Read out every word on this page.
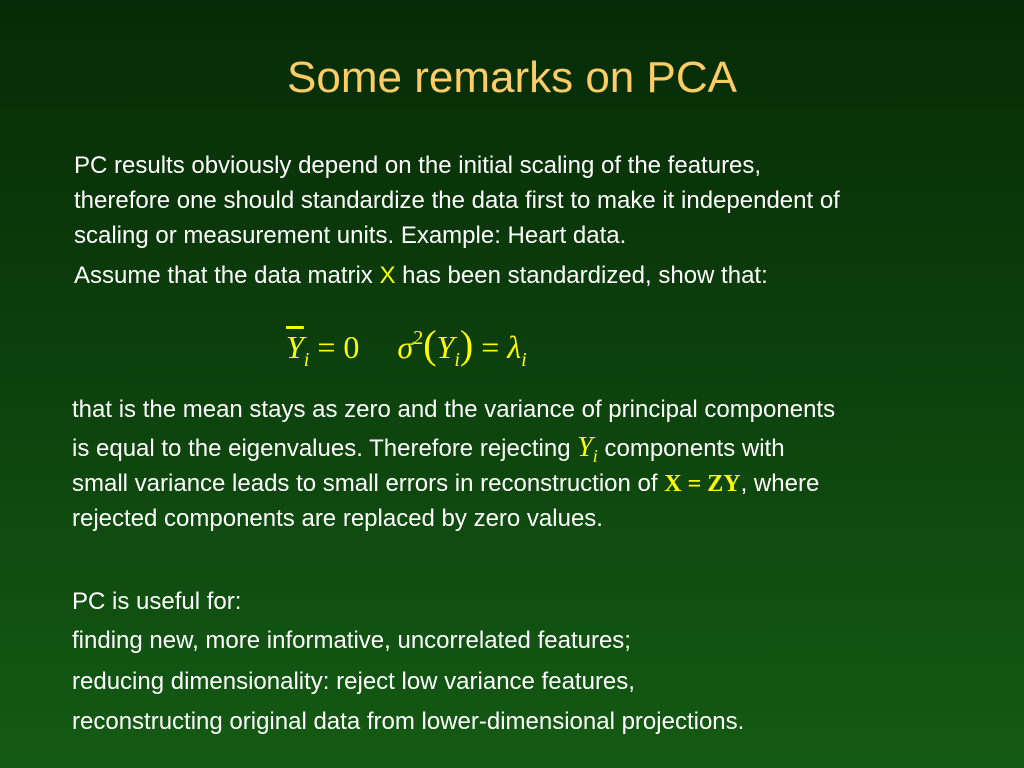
Some remarks on PCA
PC results obviously depend on the initial scaling of the features,
therefore one should standardize the data first to make it independent of
scaling or measurement units. Example: Heart data.
Assume that the data matrix X has been standardized, show that:
$\overline{Y}_i = 0$ $\sigma^2(Y_i) = \lambda_i$
that is the mean stays as zero and the variance of principal components
is equal to the eigenvalues. Therefore rejecting $Y_i$ components with
small variance leads to small errors in reconstruction of X = ZY, where
rejected components are replaced by zero values.
PC is useful for:
finding new, more informative, uncorrelated features;
reducing dimensionality: reject low variance features,
reconstructing original data from lower-dimensional projections.
